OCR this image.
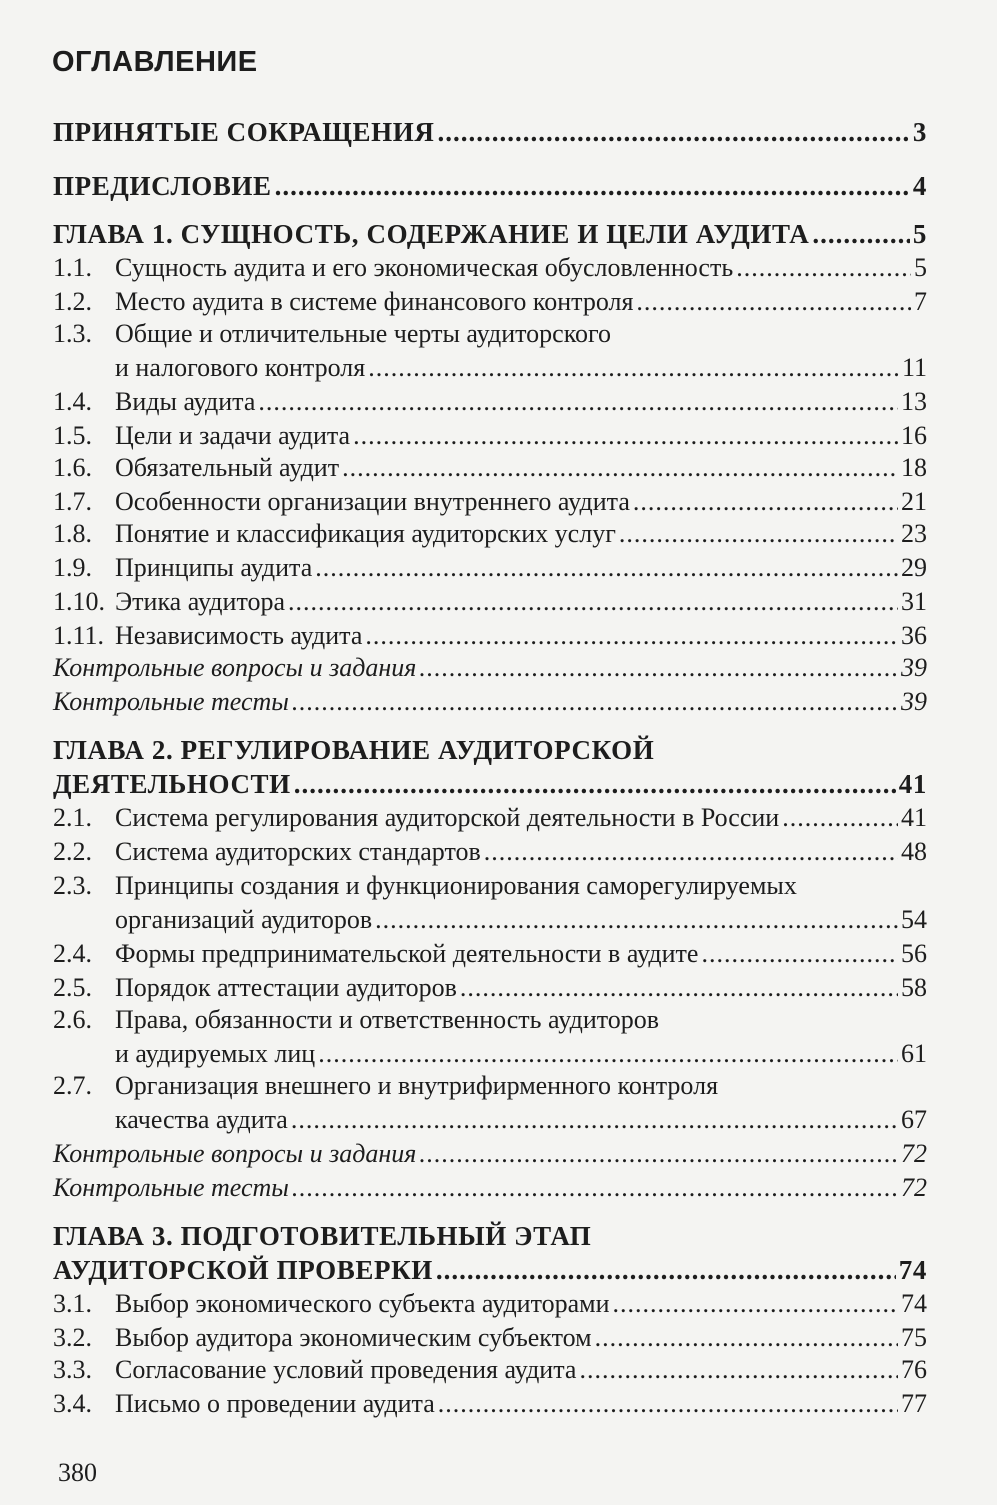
ОГЛАВЛЕНИЕ
ПРИНЯТЫЕ СОКРАЩЕНИЯ .....	3
ПРЕДИСЛОВИЕ .....	4
ГЛАВА 1. СУЩНОСТЬ, СОДЕРЖАНИЕ И ЦЕЛИ АУДИТА .....	5
1.1. Сущность аудита и его экономическая обусловленность .....	5
1.2. Место аудита в системе финансового контроля .....	7
1.3. Общие и отличительные черты аудиторского
и налогового контроля .....	11
1.4. Виды аудита .....	13
1.5. Цели и задачи аудита .....	16
1.6. Обязательный аудит .....	18
1.7. Особенности организации внутреннего аудита .....	21
1.8. Понятие и классификация аудиторских услуг .....	23
1.9. Принципы аудита .....	29
1.10. Этика аудитора .....	31
1.11. Независимость аудита .....	36
Контрольные вопросы и задания .....	39
Контрольные тесты .....	39
ГЛАВА 2. РЕГУЛИРОВАНИЕ АУДИТОРСКОЙ
ДЕЯТЕЛЬНОСТИ .....	41
2.1. Система регулирования аудиторской деятельности в России .....	41
2.2. Система аудиторских стандартов .....	48
2.3. Принципы создания и функционирования саморегулируемых
организаций аудиторов .....	54
2.4. Формы предпринимательской деятельности в аудите .....	56
2.5. Порядок аттестации аудиторов .....	58
2.6. Права, обязанности и ответственность аудиторов
и аудируемых лиц .....	61
2.7. Организация внешнего и внутрифирменного контроля
качества аудита .....	67
Контрольные вопросы и задания .....	72
Контрольные тесты .....	72
ГЛАВА 3. ПОДГОТОВИТЕЛЬНЫЙ ЭТАП
АУДИТОРСКОЙ ПРОВЕРКИ .....	74
3.1. Выбор экономического субъекта аудиторами .....	74
3.2. Выбор аудитора экономическим субъектом .....	75
3.3. Согласование условий проведения аудита .....	76
3.4. Письмо о проведении аудита .....	77
380
